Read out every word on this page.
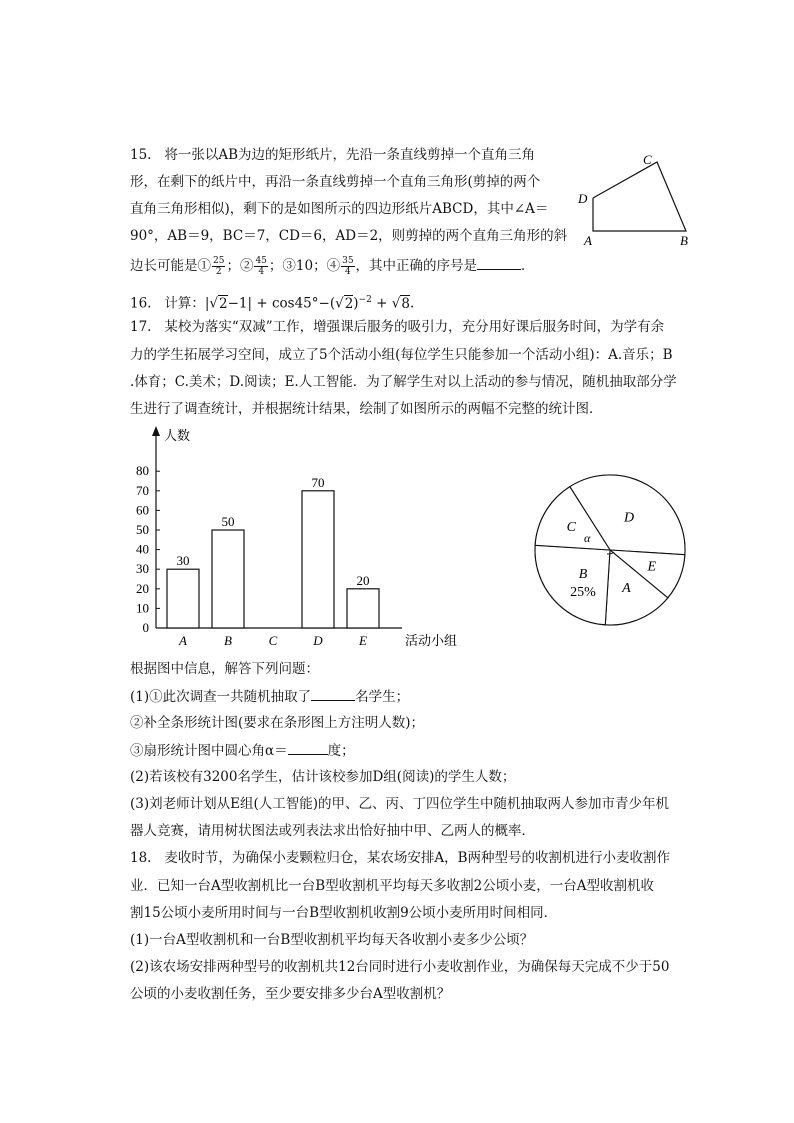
15. 将一张以AB为边的矩形纸片，先沿一条直线剪掉一个直角三角
形，在剩下的纸片中，再沿一条直线剪掉一个直角三角形(剪掉的两个
直角三角形相似)，剩下的是如图所示的四边形纸片ABCD，其中∠A＝
90°，AB＝9，BC＝7，CD＝6，AD＝2，则剪掉的两个直角三角形的斜
边长可能是① $\frac{25}{2}$ ；② $\frac{45}{4}$ ；③10；④ $\frac{35}{4}$ ，其中正确的序号是	．
C
D
A	B
16. 计算：$|√2-1| + \cos 45^\circ-(√2)^{-2} + √8$.
17. 某校为落实“双减”工作，增强课后服务的吸引力，充分用好课后服务时间，为学有余
力的学生拓展学习空间，成立了5个活动小组(每位学生只能参加一个活动小组)：A.音乐；B
.体育；C.美术；D.阅读；E.人工智能．为了解学生对以上活动的参与情况，随机抽取部分学
生进行了调查统计，并根据统计结果，绘制了如图所示的两幅不完整的统计图．
人数
活动小组
0
10
20
30
40
50
60
70
80
30
A
50
B	C
70
D
20
E
D
E
A
B
25%
C
α
根据图中信息，解答下列问题：
(1)①此次调查一共随机抽取了	名学生；
②补全条形统计图(要求在条形图上方注明人数)；
③扇形统计图中圆心角α＝	度；
(2)若该校有3200名学生，估计该校参加D组(阅读)的学生人数；
(3)刘老师计划从E组(人工智能)的甲、乙、丙、丁四位学生中随机抽取两人参加市青少年机
器人竞赛，请用树状图法或列表法求出恰好抽中甲、乙两人的概率．
18. 麦收时节，为确保小麦颗粒归仓，某农场安排A，B两种型号的收割机进行小麦收割作
业．已知一台A型收割机比一台B型收割机平均每天多收割2公顷小麦，一台A型收割机收
割15公顷小麦所用时间与一台B型收割机收割9公顷小麦所用时间相同．
(1)一台A型收割机和一台B型收割机平均每天各收割小麦多少公顷？
(2)该农场安排两种型号的收割机共12台同时进行小麦收割作业，为确保每天完成不少于50
公顷的小麦收割任务，至少要安排多少台A型收割机？
